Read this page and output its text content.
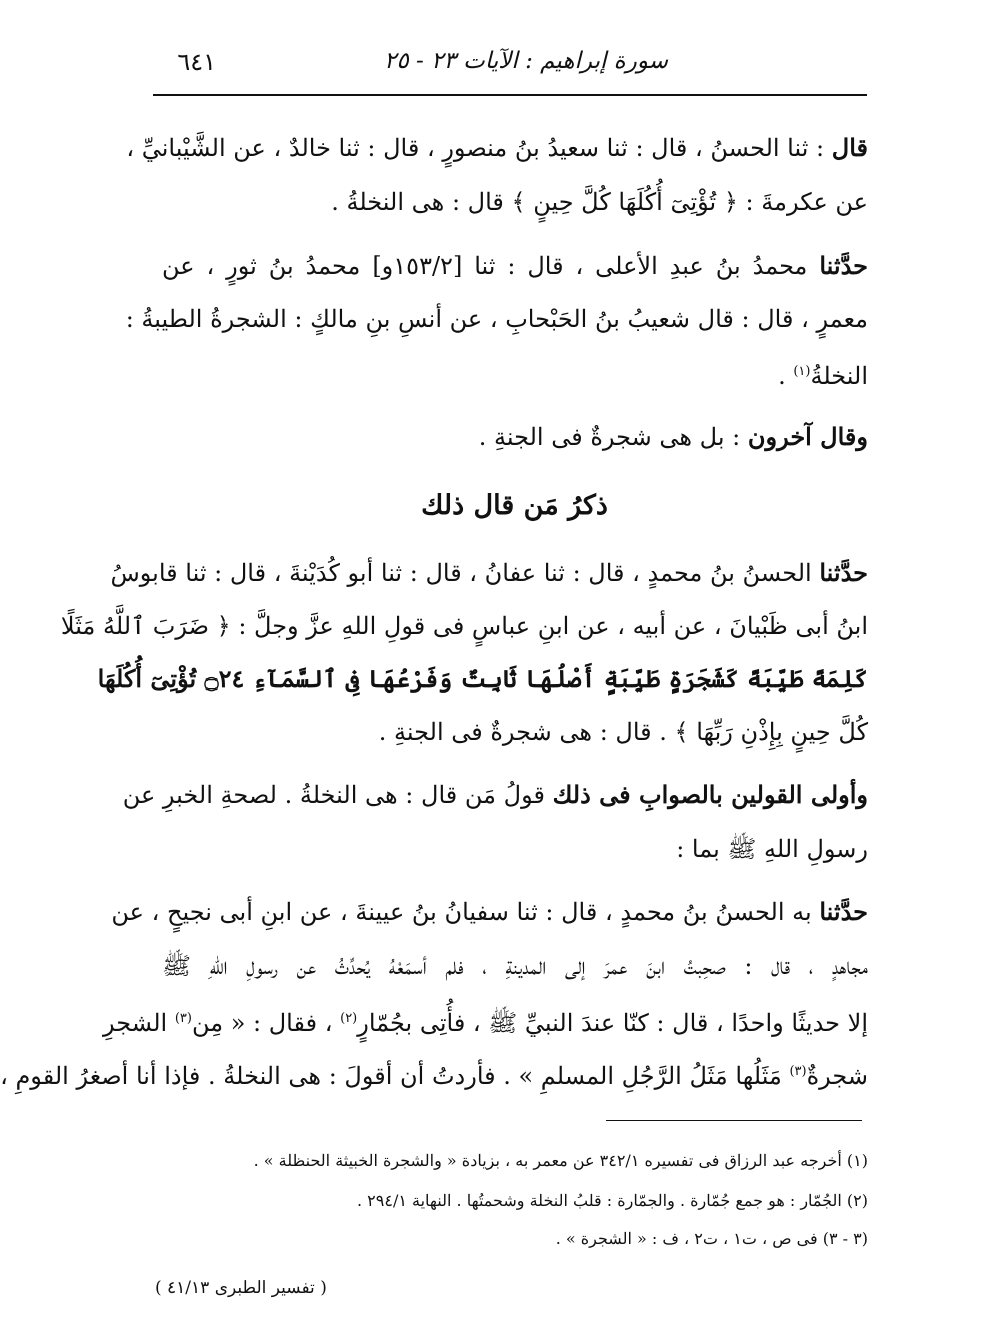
٦٤١	سورة إبراهيم : الآيات ٢٣ - ٢٥
قال : ثنا الحسنُ ، قال : ثنا سعيدُ بنُ منصورٍ ، قال : ثنا خالدٌ ، عن الشَّيْبانيِّ ،
عن عكرمةَ : ﴿ تُؤْتِىٓ أُكُلَهَا كُلَّ حِينٍ ﴾ قال : هى النخلةُ .
حدَّثنا محمدُ بنُ عبدِ الأعلى ، قال : ثنا [١٥٣/٢و] محمدُ بنُ ثورٍ ، عن
معمرٍ ، قال : قال شعيبُ بنُ الحَبْحابِ ، عن أنسِ بنِ مالكٍ : الشجرةُ الطيبةُ :
النخلةُ$^{(١)}$ .
وقال آخرون : بل هى شجرةٌ فى الجنةِ .
ذكرُ مَن قال ذلك
حدَّثنا الحسنُ بنُ محمدٍ ، قال : ثنا عفانُ ، قال : ثنا أبو كُدَيْنةَ ، قال : ثنا قابوسُ
ابنُ أبى ظَبْيانَ ، عن أبيه ، عن ابنِ عباسٍ فى قولِ اللهِ عزَّ وجلَّ : ﴿ ضَرَبَ ٱللَّهُ مَثَلًا
كَلِمَةً طَيِّبَةً كَشَجَرَةٍ طَيِّبَةٍ أَصْلُهَا ثَابِتٌ وَفَرْعُهَا فِى ٱلسَّمَآءِ ۝٢٤ تُؤْتِىٓ أُكُلَهَا
كُلَّ حِينٍ بِإِذْنِ رَبِّهَا ﴾ . قال : هى شجرةٌ فى الجنةِ .
وأولى القولين بالصوابِ فى ذلك قولُ مَن قال : هى النخلةُ . لصحةِ الخبرِ عن
رسولِ اللهِ ﷺ بما :
حدَّثنا به الحسنُ بنُ محمدٍ ، قال : ثنا سفيانُ بنُ عيينةَ ، عن ابنِ أبى نجيحٍ ، عن
مجاهدٍ ، قال : صحِبتُ ابنَ عمرَ إلى المدينةِ ، فلم أسمَعْهُ يُحدِّثُ عن رسولِ اللهِ ﷺ
إلا حديثًا واحدًا ، قال : كنّا عندَ النبيِّ ﷺ ، فأُتِى بجُمّارٍ$^{(٢)}$ ، فقال : « مِن$^{(٣)}$ الشجرِ
شجرةٌ$^{(٣)}$ مَثَلُها مَثَلُ الرَّجُلِ المسلمِ » . فأردتُ أن أقولَ : هى النخلةُ . فإذا أنا أصغرُ القومِ ،
(١) أخرجه عبد الرزاق فى تفسيره ٣٤٢/١ عن معمر به ، بزيادة « والشجرة الخبيثة الحنظلة » .
(٢) الجُمّار : هو جمع جُمّارة . والجمّارة : قلبُ النخلة وشحمتُها . النهاية ٢٩٤/١ .
(٣ - ٣) فى ص ، ت١ ، ت٢ ، ف : « الشجرة » .
( تفسير الطبرى ٤١/١٣ )
